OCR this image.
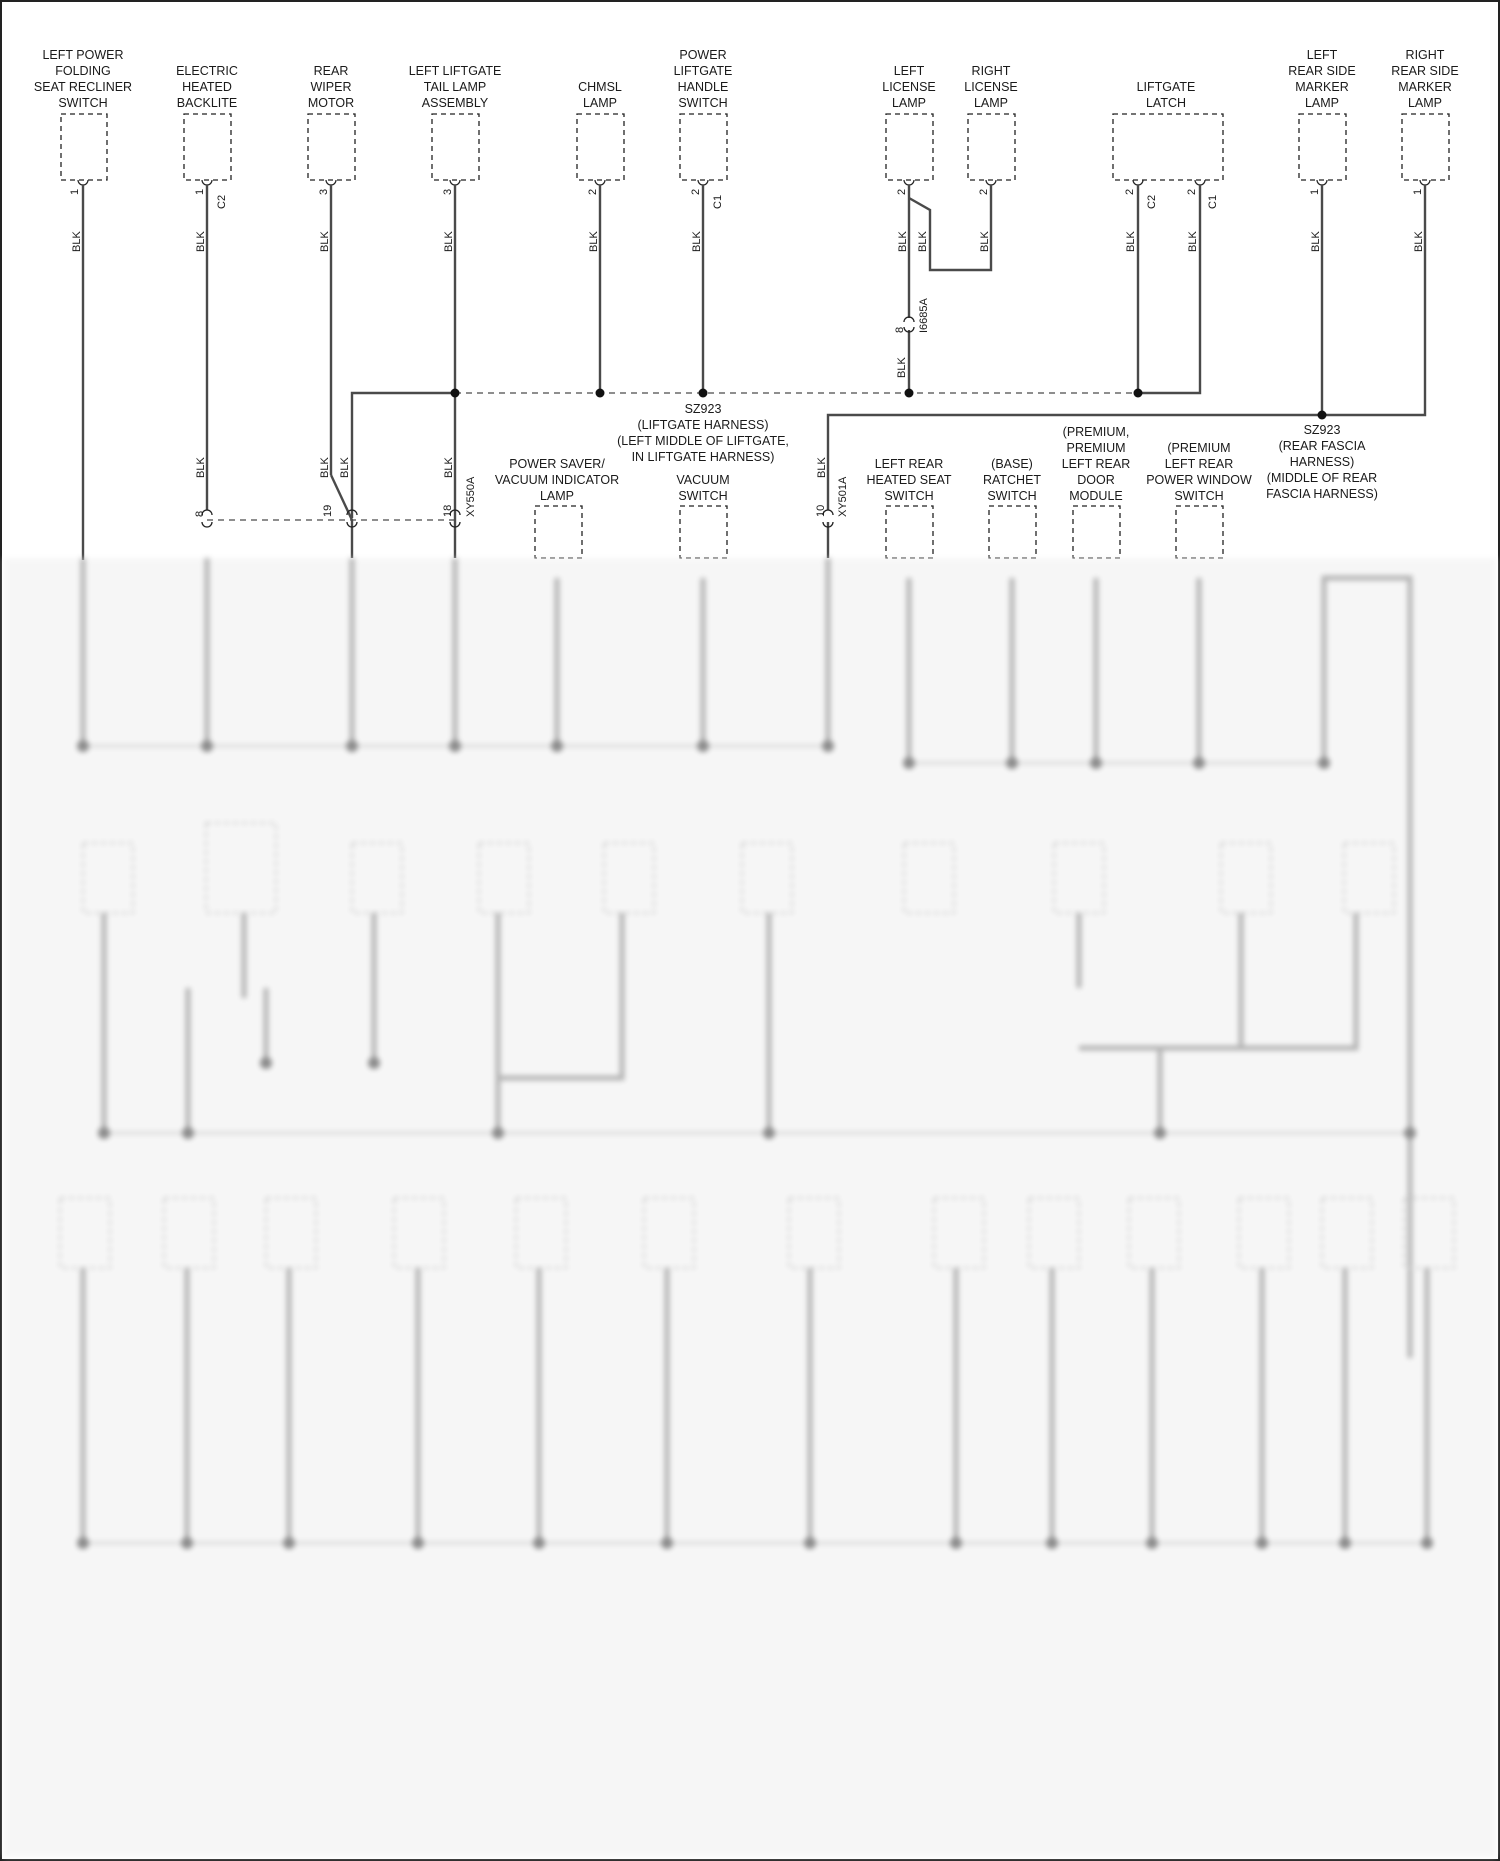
LEFT POWER FOLDING SEAT RECLINER SWITCH
1
BLK
ELECTRIC HEATED BACKLITE
1
C2
BLK
REAR WIPER MOTOR
3
BLK
LEFT LIFTGATE TAIL LAMP ASSEMBLY
3
BLK
CHMSL LAMP
2
BLK
POWER LIFTGATE HANDLE SWITCH
2
C1
BLK
LEFT LICENSE LAMP
2
BLK BLK
RIGHT LICENSE LAMP
2
BLK
LIFTGATE LATCH
2
C2
2
C1
BLK	BLK
LEFT REAR SIDE MARKER LAMP
1
BLK
RIGHT REAR SIDE MARKER LAMP
1
BLK
SZ923 (LIFTGATE HARNESS) (LEFT MIDDLE OF LIFTGATE, IN LIFTGATE HARNESS)
SZ923 (REAR FASCIA HARNESS) (MIDDLE OF REAR FASCIA HARNESS)
8 I6685A
BLK
8
BLK
19
BLK BLK
18 XY550A
BLK
10 XY501A
BLK
POWER SAVER/ VACUUM INDICATOR LAMP
VACUUM SWITCH
LEFT REAR HEATED SEAT SWITCH
(BASE) RATCHET SWITCH
(PREMIUM, PREMIUM LEFT REAR DOOR MODULE
(PREMIUM LEFT REAR POWER WINDOW SWITCH
